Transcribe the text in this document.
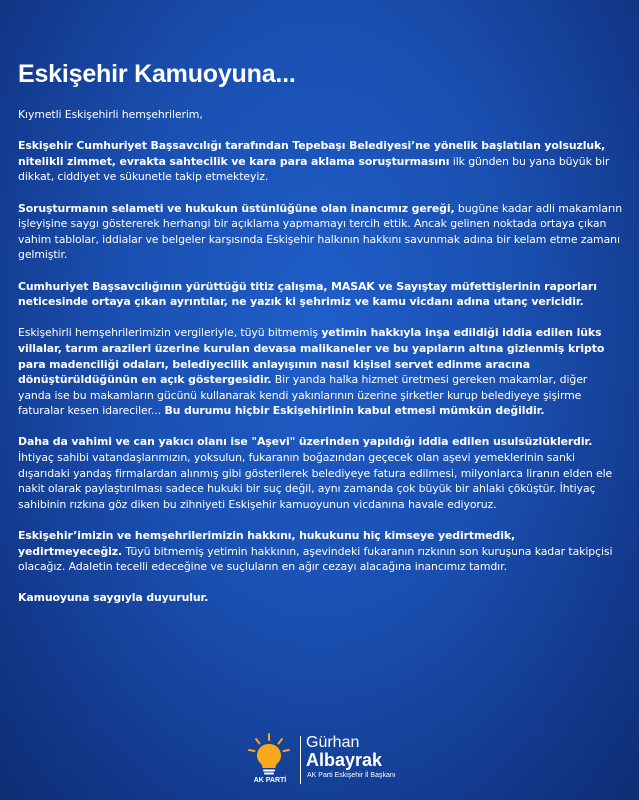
Eskişehir Kamuoyuna...

Kıymetli Eskişehirli hemşehrilerim,

Eskişehir Cumhuriyet Başsavcılığı tarafından Tepebaşı Belediyesi’ne yönelik başlatılan yolsuzluk, nitelikli zimmet, evrakta sahtecilik ve kara para aklama soruşturmasını ilk günden bu yana büyük bir dikkat, ciddiyet ve sükunetle takip etmekteyiz.

Soruşturmanın selameti ve hukukun üstünlüğüne olan inancımız gereği, bugüne kadar adli makamların işleyişine saygı göstererek herhangi bir açıklama yapmamayı tercih ettik. Ancak gelinen noktada ortaya çıkan vahim tablolar, iddialar ve belgeler karşısında Eskişehir halkının hakkını savunmak adına bir kelam etme zamanı gelmiştir.

Cumhuriyet Başsavcılığının yürüttüğü titiz çalışma, MASAK ve Sayıştay müfettişlerinin raporları neticesinde ortaya çıkan ayrıntılar, ne yazık ki şehrimiz ve kamu vicdanı adına utanç vericidir.

Eskişehirli hemşehrilerimizin vergileriyle, tüyü bitmemiş yetimin hakkıyla inşa edildiği iddia edilen lüks villalar, tarım arazileri üzerine kurulan devasa malikaneler ve bu yapıların altına gizlenmiş kripto para madenciliği odaları, belediyecilik anlayışının nasıl kişisel servet edinme aracına dönüştürüldüğünün en açık göstergesidir. Bir yanda halka hizmet üretmesi gereken makamlar, diğer yanda ise bu makamların gücünü kullanarak kendi yakınlarının üzerine şirketler kurup belediyeye şişirme faturalar kesen idareciler... Bu durumu hiçbir Eskişehirlinin kabul etmesi mümkün değildir.

Daha da vahimi ve can yakıcı olanı ise "Aşevi" üzerinden yapıldığı iddia edilen usulsüzlüklerdir. İhtiyaç sahibi vatandaşlarımızın, yoksulun, fukaranın boğazından geçecek olan aşevi yemeklerinin sanki dışarıdaki yandaş firmalardan alınmış gibi gösterilerek belediyeye fatura edilmesi, milyonlarca liranın elden ele nakit olarak paylaştırılması sadece hukuki bir suç değil, aynı zamanda çok büyük bir ahlaki çöküştür. İhtiyaç sahibinin rızkına göz diken bu zihniyeti Eskişehir kamuoyunun vicdanına havale ediyoruz.

Eskişehir’imizin ve hemşehrilerimizin hakkını, hukukunu hiç kimseye yedirtmedik, yedirtmeyeceğiz. Tüyü bitmemiş yetimin hakkının, aşevindeki fukaranın rızkının son kuruşuna kadar takipçisi olacağız. Adaletin tecelli edeceğine ve suçluların en ağır cezayı alacağına inancımız tamdır.

Kamuoyuna saygıyla duyurulur.

AK PARTİ
Gürhan
Albayrak
AK Parti Eskişehir İl Başkanı
